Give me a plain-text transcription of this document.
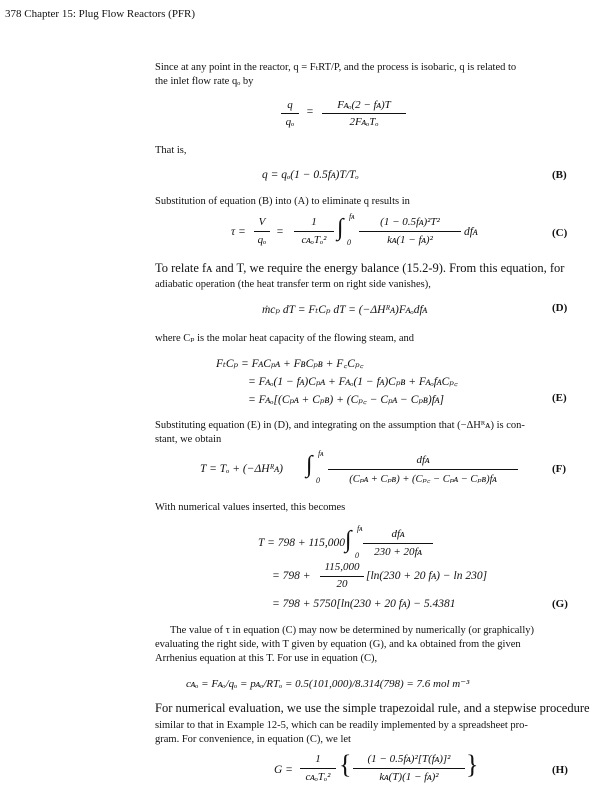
378 Chapter 15: Plug Flow Reactors (PFR)
Since at any point in the reactor, q = FₜRT/P, and the process is isobaric, q is related to
the inlet flow rate qₒ by
q
qₒ
=
Fᴀₒ(2 − fᴀ)T
2FᴀₒTₒ
That is,
q = qₒ(1 − 0.5fᴀ)T/Tₒ	(B)
Substitution of equation (B) into (A) to eliminate q results in
τ =
V
qₒ
=
1
cᴀₒTₒ² ∫ fᴀ
0
(1 − 0.5fᴀ)²T²
kᴀ(1 − fᴀ)²
dfᴀ	(C)
To relate fᴀ and T, we require the energy balance (15.2-9). From this equation, for
adiabatic operation (the heat transfer term on right side vanishes),
ṁcₚ dT = FₜCₚ dT = (−ΔHᴿᴀ)Fᴀₒdfᴀ	(D)
where Cₚ is the molar heat capacity of the flowing steam, and
FₜCₚ = FᴀCₚᴀ + FʙCₚʙ + F꜀Cₚ꜀
= Fᴀₒ(1 − fᴀ)Cₚᴀ + Fᴀₒ(1 − fᴀ)Cₚʙ + FᴀₒfᴀCₚ꜀
= Fᴀₒ[(Cₚᴀ + Cₚʙ) + (Cₚ꜀ − Cₚᴀ − Cₚʙ)fᴀ]	(E)
Substituting equation (E) in (D), and integrating on the assumption that (−ΔHᴿᴀ) is con-
stant, we obtain
T = Tₒ + (−ΔHᴿᴀ) ∫ fᴀ
0
dfᴀ
(Cₚᴀ + Cₚʙ) + (Cₚ꜀ − Cₚᴀ − Cₚʙ)fᴀ
(F)
With numerical values inserted, this becomes
T = 798 + 115,000 ∫ fᴀ
0
dfᴀ
230 + 20fᴀ
= 798 +
115,000
20
[ln(230 + 20 fᴀ) − ln 230]
= 798 + 5750[ln(230 + 20 fᴀ) − 5.4381	(G)
The value of τ in equation (C) may now be determined by numerically (or graphically)
evaluating the right side, with T given by equation (G), and kᴀ obtained from the given
Arrhenius equation at this T. For use in equation (C),
cᴀₒ = Fᴀₒ/qₒ = pᴀₒ/RTₒ = 0.5(101,000)/8.314(798) = 7.6 mol m⁻³
For numerical evaluation, we use the simple trapezoidal rule, and a stepwise procedure
similar to that in Example 12-5, which can be readily implemented by a spreadsheet pro-
gram. For convenience, in equation (C), we let
G =
1
cᴀₒTₒ² {	(1 − 0.5fᴀ)²[T(fᴀ)]²
kᴀ(T)(1 − fᴀ)²	}	(H)
